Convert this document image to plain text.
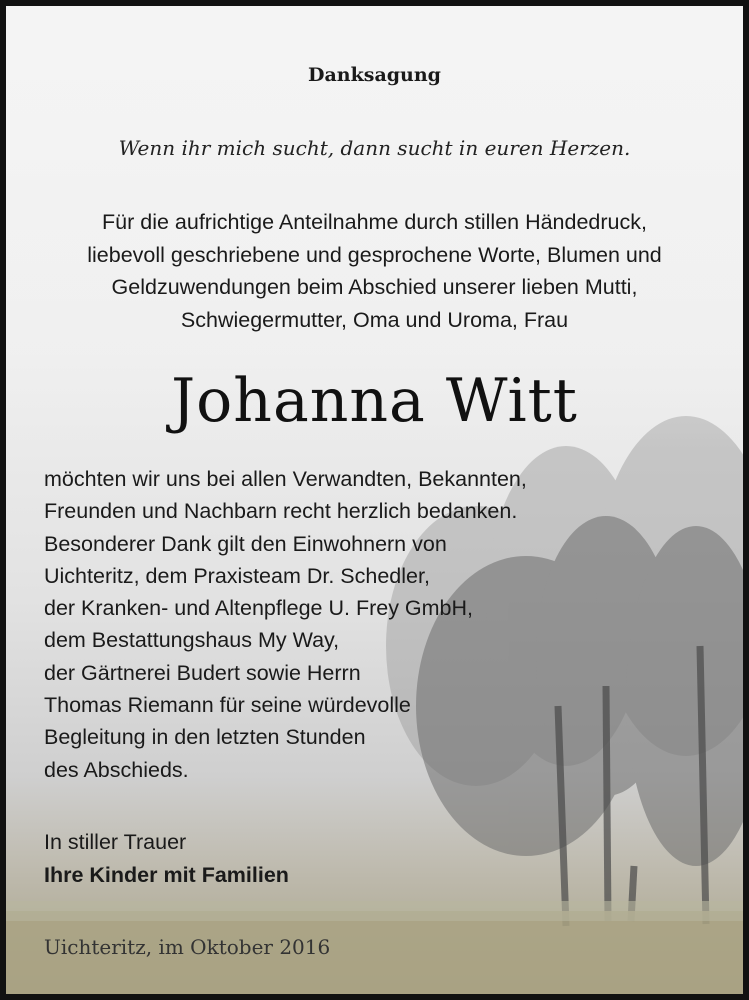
Danksagung
Wenn ihr mich sucht, dann sucht in euren Herzen.
Für die aufrichtige Anteilnahme durch stillen Händedruck,
liebevoll geschriebene und gesprochene Worte, Blumen und
Geldzuwendungen beim Abschied unserer lieben Mutti,
Schwiegermutter, Oma und Uroma, Frau
Johanna Witt
möchten wir uns bei allen Verwandten, Bekannten,
Freunden und Nachbarn recht herzlich bedanken.
Besonderer Dank gilt den Einwohnern von
Uichteritz, dem Praxisteam Dr. Schedler,
der Kranken- und Altenpflege U. Frey GmbH,
dem Bestattungshaus My Way,
der Gärtnerei Budert sowie Herrn
Thomas Riemann für seine würdevolle
Begleitung in den letzten Stunden
des Abschieds.
In stiller Trauer
Ihre Kinder mit Familien
Uichteritz, im Oktober 2016
